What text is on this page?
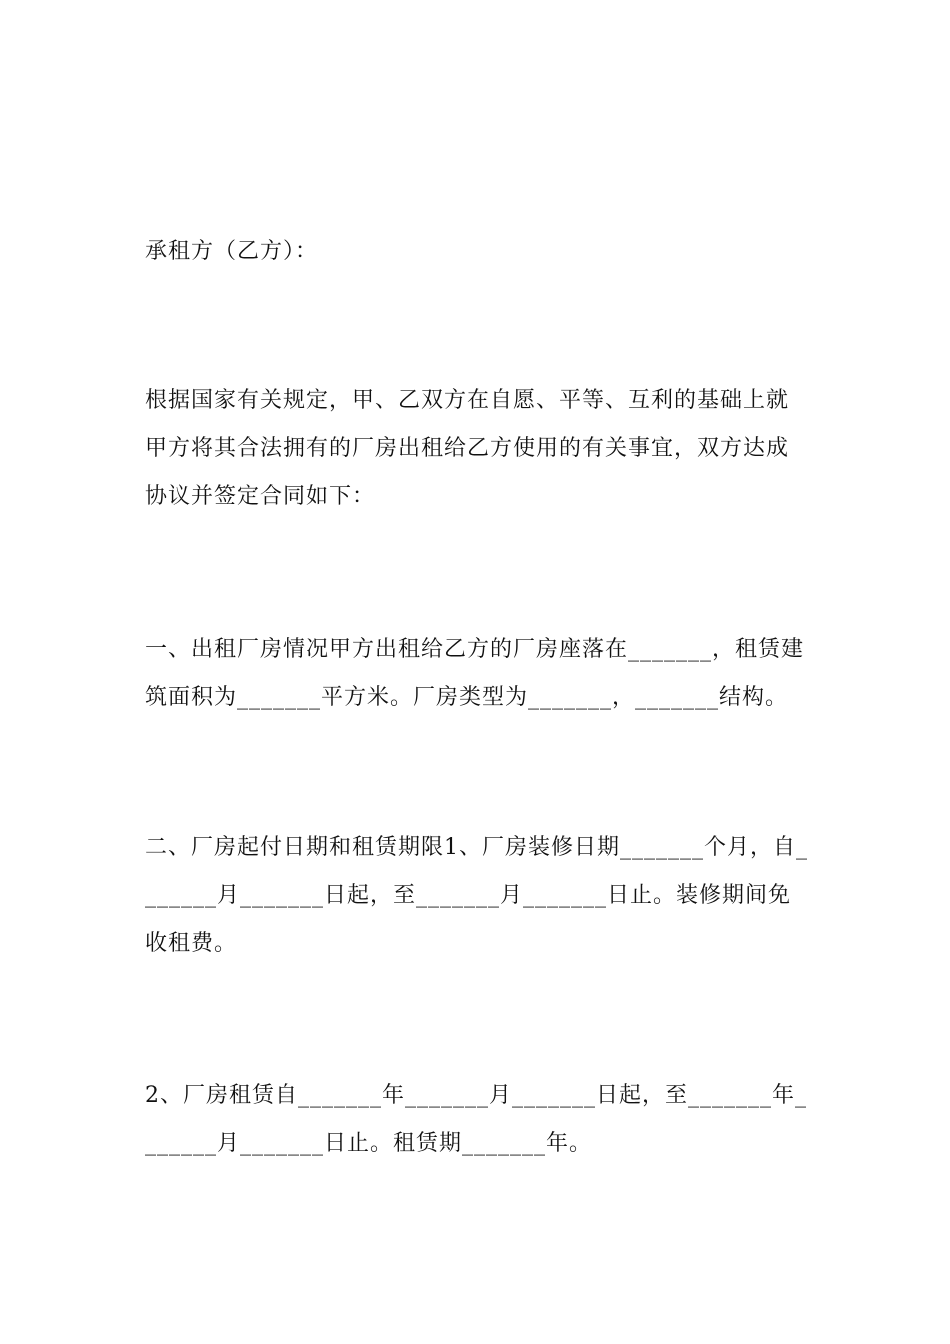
承租方（乙方）：

根据国家有关规定，甲、乙双方在自愿、平等、互利的基础上就甲方将其合法拥有的厂房出租给乙方使用的有关事宜，双方达成协议并签定合同如下：

一、出租厂房情况甲方出租给乙方的厂房座落在_______，租赁建筑面积为_______平方米。厂房类型为_______，_______结构。

二、厂房起付日期和租赁期限1、厂房装修日期_______个月，自_______月_______日起，至_______月_______日止。装修期间免收租费。

2、厂房租赁自_______年_______月_______日起，至_______年_______月_______日止。租赁期_______年。
